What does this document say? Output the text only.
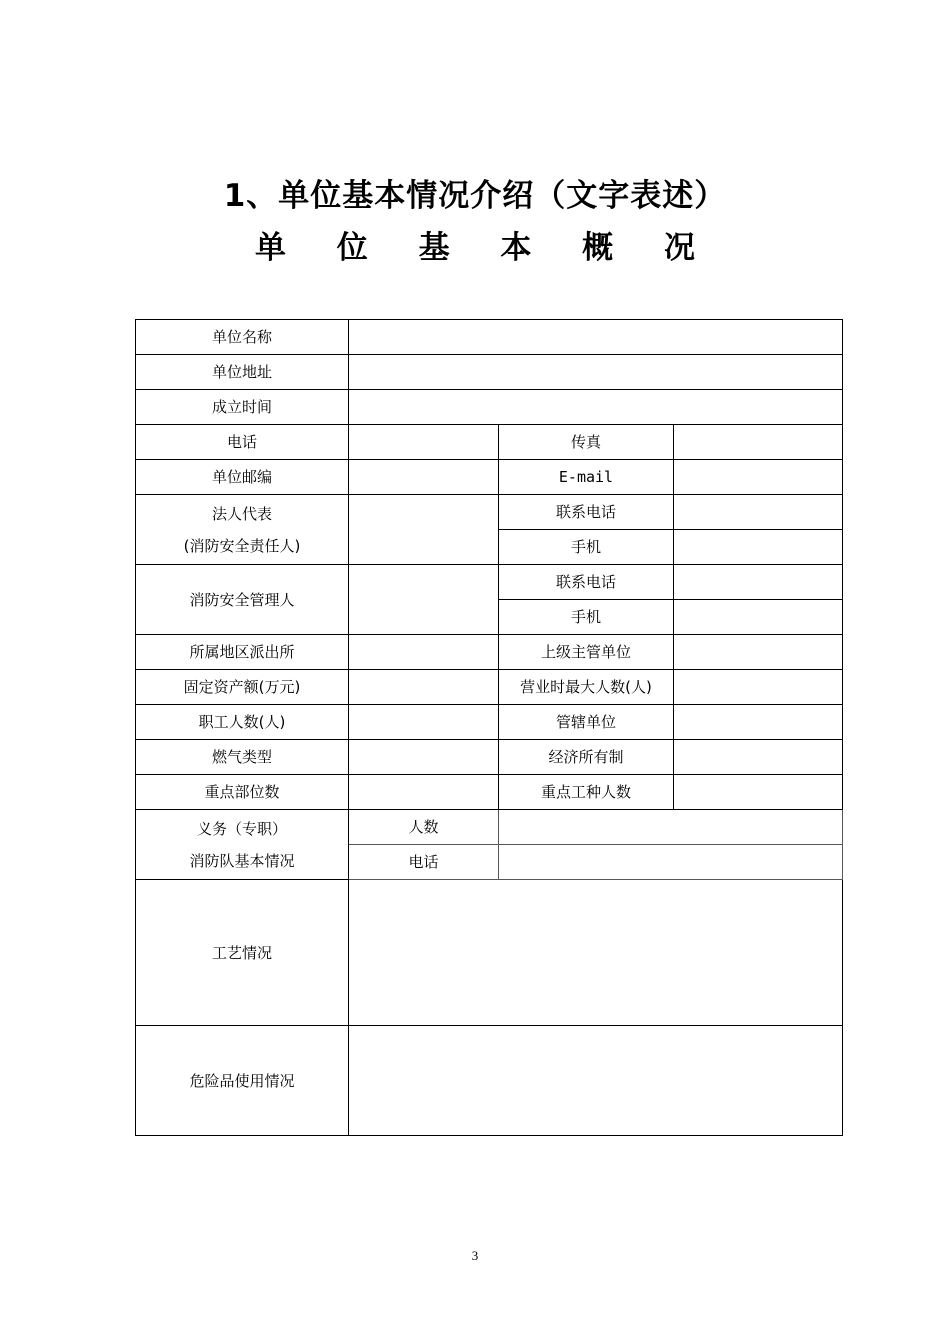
1、单位基本情况介绍（文字表述）
单 位 基 本 概 况
单位名称			
单位地址			
成立时间			
电话		传真	
单位邮编		E-mail	

法人代表
(消防安全责任人)		联系电话	
		手机	
消防安全管理人		联系电话	
		手机	
所属地区派出所		上级主管单位	
固定资产额(万元)		营业时最大人数(人)	
职工人数(人)		管辖单位	
燃气类型		经济所有制	
重点部位数		重点工种人数	

义务（专职）
消防队基本情况	人数		
	电话		
工艺情况			
危险品使用情况			
3
